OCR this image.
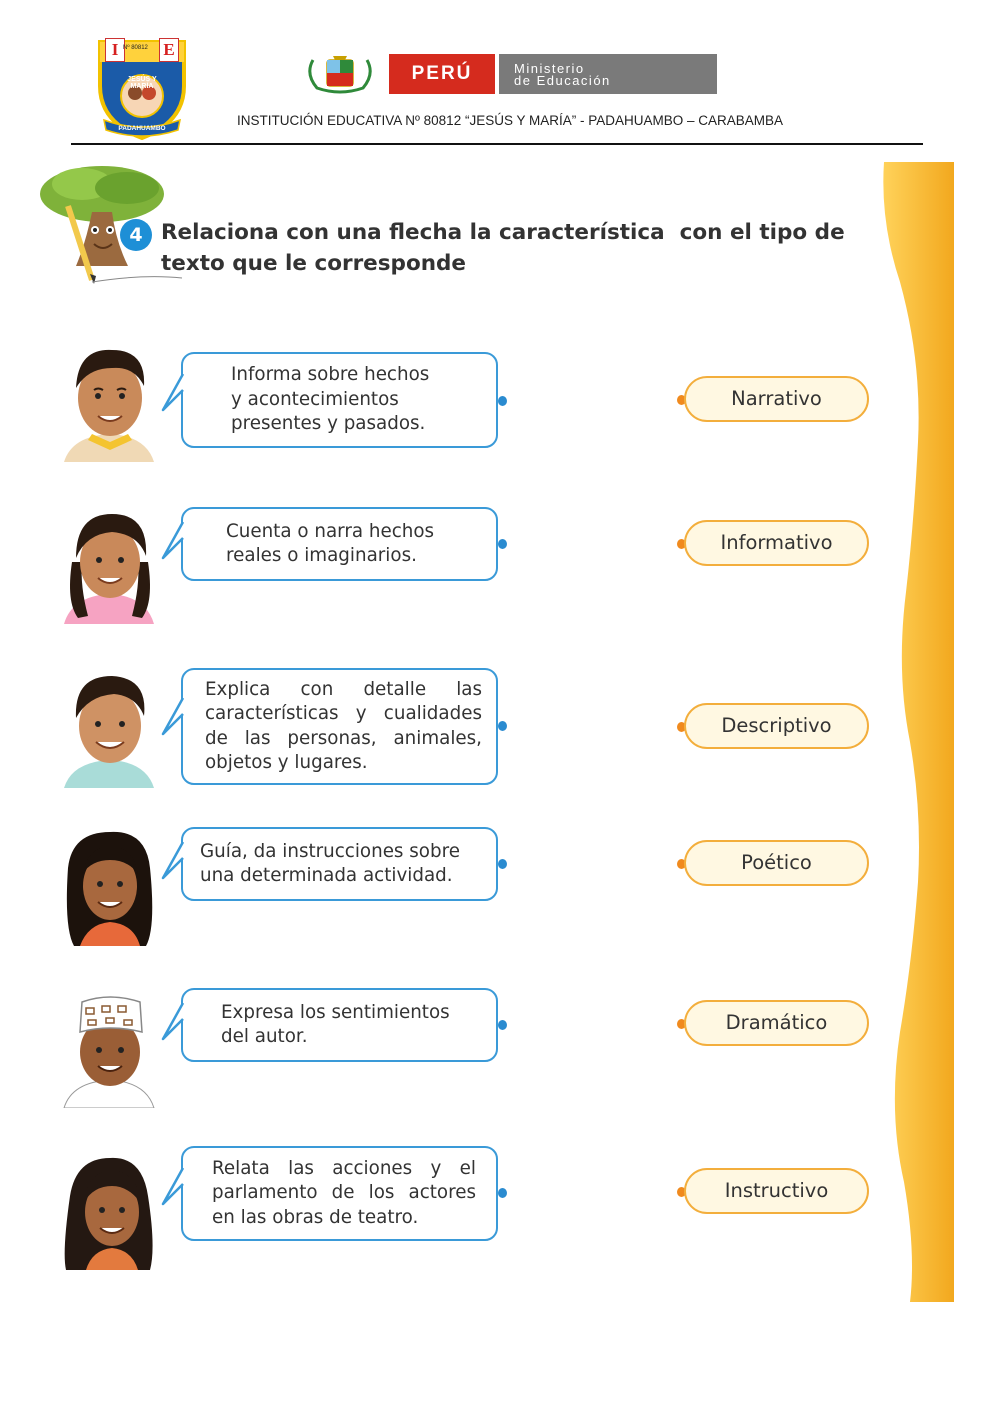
I	E
Nº 80812
JESÚS Y MARÍA
PADAHUAMBO
PERÚ	Ministerio
de Educación
INSTITUCIÓN EDUCATIVA Nº 80812 “JESÚS Y MARÍA” - PADAHUAMBO – CARABAMBA
4 Relaciona con una flecha la característica  con el tipo de
texto que le corresponde
Informa sobre hechos
y acontecimientos
presentes y pasados.
Cuenta o narra hechos
reales o imaginarios.
Explica con detalle las
características y cualidades
de las personas, animales,
objetos y lugares.
Guía, da instrucciones sobre
una determinada actividad.
Expresa los sentimientos
del autor.
Relata las acciones y el
parlamento de los actores
en las obras de teatro.
Narrativo
Informativo
Descriptivo
Poético
Dramático
Instructivo
